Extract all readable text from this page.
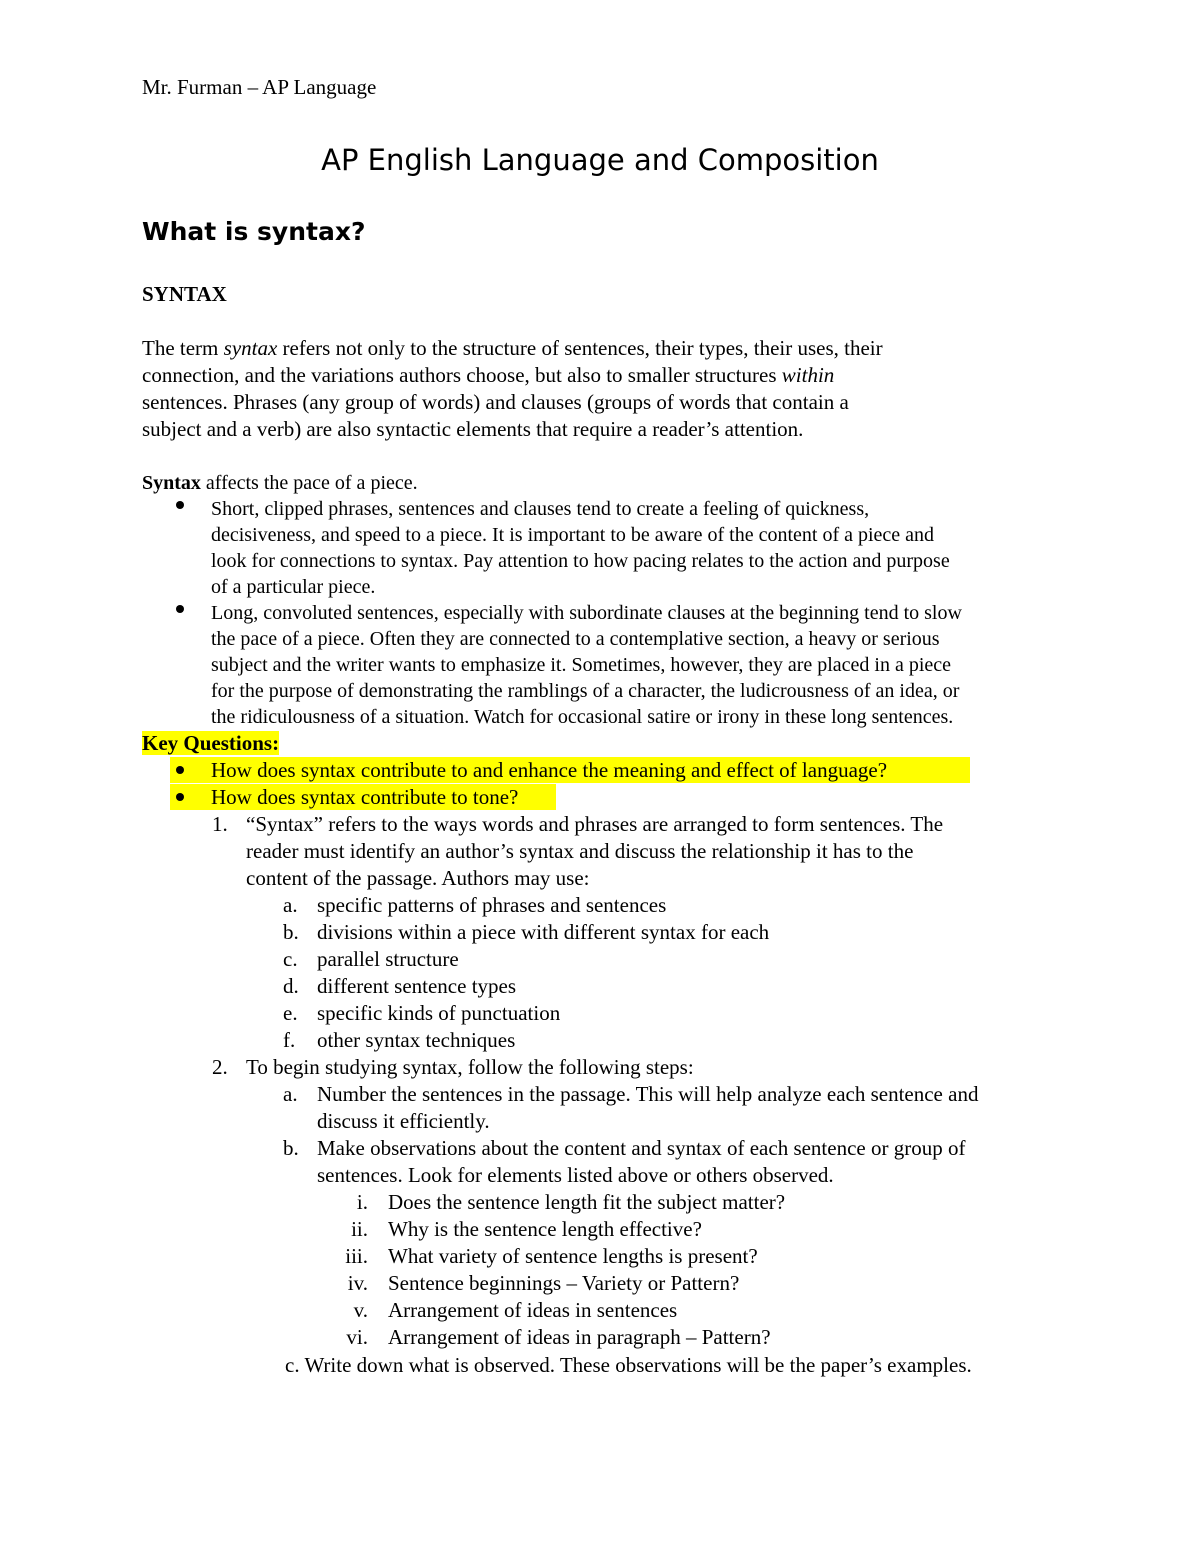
Mr. Furman – AP Language
AP English Language and Composition
What is syntax?
SYNTAX
The term syntax refers not only to the structure of sentences, their types, their uses, their
connection, and the variations authors choose, but also to smaller structures within
sentences. Phrases (any group of words) and clauses (groups of words that contain a
subject and a verb) are also syntactic elements that require a reader’s attention.
Syntax affects the pace of a piece.
Short, clipped phrases, sentences and clauses tend to create a feeling of quickness,
decisiveness, and speed to a piece. It is important to be aware of the content of a piece and
look for connections to syntax. Pay attention to how pacing relates to the action and purpose
of a particular piece.
Long, convoluted sentences, especially with subordinate clauses at the beginning tend to slow
the pace of a piece. Often they are connected to a contemplative section, a heavy or serious
subject and the writer wants to emphasize it. Sometimes, however, they are placed in a piece
for the purpose of demonstrating the ramblings of a character, the ludicrousness of an idea, or
the ridiculousness of a situation. Watch for occasional satire or irony in these long sentences.
Key Questions:
How does syntax contribute to and enhance the meaning and effect of language?
How does syntax contribute to tone?
1. “Syntax” refers to the ways words and phrases are arranged to form sentences. The
reader must identify an author’s syntax and discuss the relationship it has to the
content of the passage. Authors may use:
a. specific patterns of phrases and sentences
b. divisions within a piece with different syntax for each
c. parallel structure
d. different sentence types
e. specific kinds of punctuation
f. other syntax techniques
2. To begin studying syntax, follow the following steps:
a. Number the sentences in the passage. This will help analyze each sentence and
discuss it efficiently.
b. Make observations about the content and syntax of each sentence or group of
sentences. Look for elements listed above or others observed.
i. Does the sentence length fit the subject matter?
ii. Why is the sentence length effective?
iii. What variety of sentence lengths is present?
iv. Sentence beginnings – Variety or Pattern?
v. Arrangement of ideas in sentences
vi. Arrangement of ideas in paragraph – Pattern?
c. Write down what is observed. These observations will be the paper’s examples.
